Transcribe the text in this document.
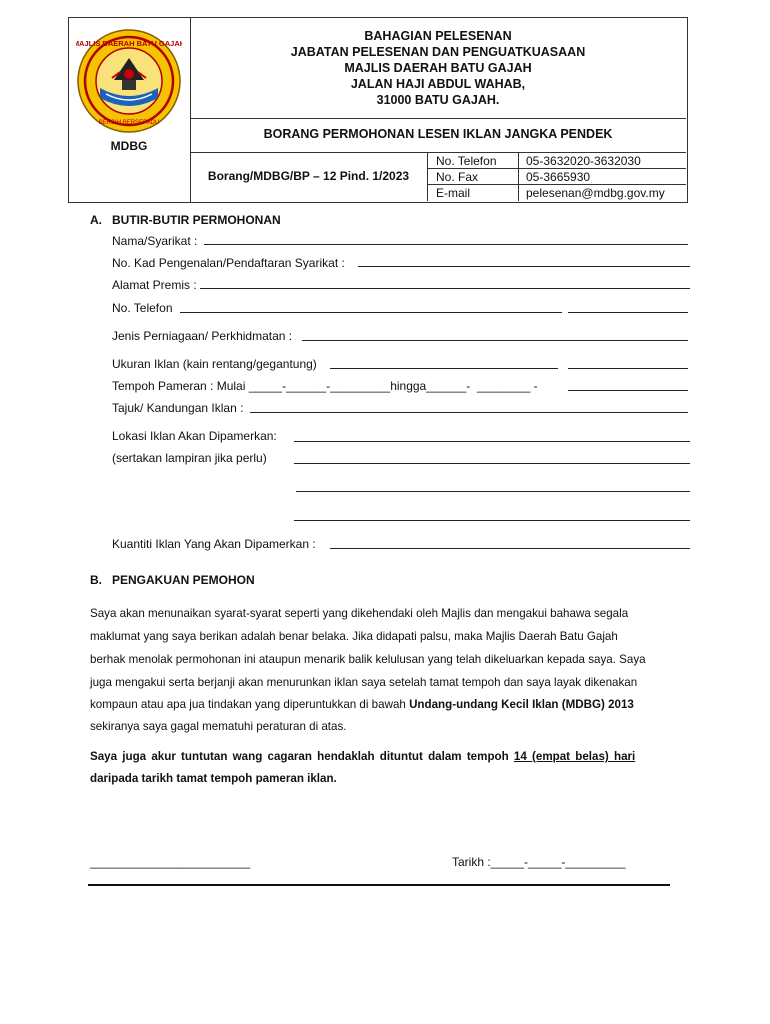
MAJLIS DAERAH BATU GAJAH
BERSIH BERSEPADU
MDBG
BAHAGIAN PELESENAN
JABATAN PELESENAN DAN PENGUATKUASAAN
MAJLIS DAERAH BATU GAJAH
JALAN HAJI ABDUL WAHAB,
31000 BATU GAJAH.
BORANG PERMOHONAN LESEN IKLAN JANGKA PENDEK
Borang/MDBG/BP – 12 Pind. 1/2023
No. Telefon 05-3632020-3632030
No. Fax	05-3665930
E-mail	pelesenan@mdbg.gov.my
A. BUTIR-BUTIR PERMOHONAN
Nama/Syarikat :
No. Kad Pengenalan/Pendaftaran Syarikat :
Alamat Premis :
No. Telefon
Jenis Perniagaan/ Perkhidmatan :
Ukuran Iklan (kain rentang/gegantung)
Tempoh Pameran : Mulai _____-______-_________hingga______-  ________ -
Tajuk/ Kandungan Iklan :
Lokasi Iklan Akan Dipamerkan:
(sertakan lampiran jika perlu)
Kuantiti Iklan Yang Akan Dipamerkan :
B. PENGAKUAN PEMOHON
Saya akan menunaikan syarat-syarat seperti yang dikehendaki oleh Majlis dan mengakui bahawa segala
maklumat yang saya berikan adalah benar belaka. Jika didapati palsu, maka Majlis Daerah Batu Gajah
berhak menolak permohonan ini ataupun menarik balik kelulusan yang telah dikeluarkan kepada saya. Saya
juga mengakui serta berjanji akan menurunkan iklan saya setelah tamat tempoh dan saya layak dikenakan
kompaun atau apa jua tindakan yang diperuntukkan di bawah Undang-undang Kecil Iklan (MDBG) 2013
sekiranya saya gagal mematuhi peraturan di atas.
Saya juga akur tuntutan wang cagaran hendaklah dituntut dalam tempoh 14 (empat belas) hari
daripada tarikh tamat tempoh pameran iklan.
________________________	Tarikh :_____-_____-_________
